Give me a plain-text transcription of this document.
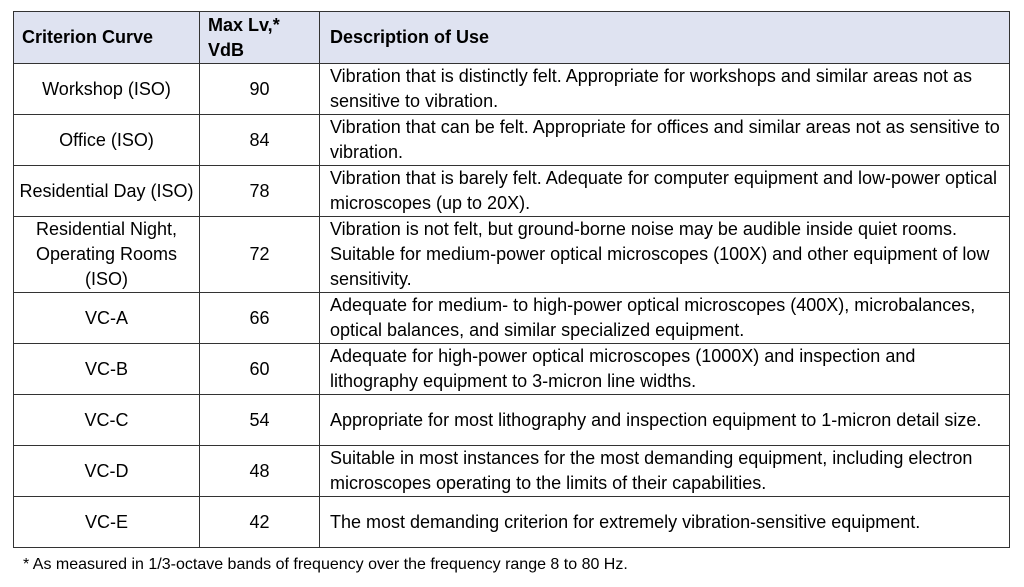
Criterion Curve	Max Lv,* VdB	Description of Use
Workshop (ISO)	90	Vibration that is distinctly felt. Appropriate for workshops and similar areas not as sensitive to vibration.
Office (ISO)	84	Vibration that can be felt. Appropriate for offices and similar areas not as sensitive to vibration.
Residential Day (ISO)	78	Vibration that is barely felt. Adequate for computer equipment and low-power optical microscopes (up to 20X).
Residential Night, Operating Rooms (ISO)	72	Vibration is not felt, but ground-borne noise may be audible inside quiet rooms. Suitable for medium-power optical microscopes (100X) and other equipment of low sensitivity.
VC-A	66	Adequate for medium- to high-power optical microscopes (400X), microbalances, optical balances, and similar specialized equipment.
VC-B	60	Adequate for high-power optical microscopes (1000X) and inspection and lithography equipment to 3-micron line widths.
VC-C	54	Appropriate for most lithography and inspection equipment to 1-micron detail size.
VC-D	48	Suitable in most instances for the most demanding equipment, including electron microscopes operating to the limits of their capabilities.
VC-E	42	The most demanding criterion for extremely vibration-sensitive equipment.
* As measured in 1/3-octave bands of frequency over the frequency range 8 to 80 Hz.
